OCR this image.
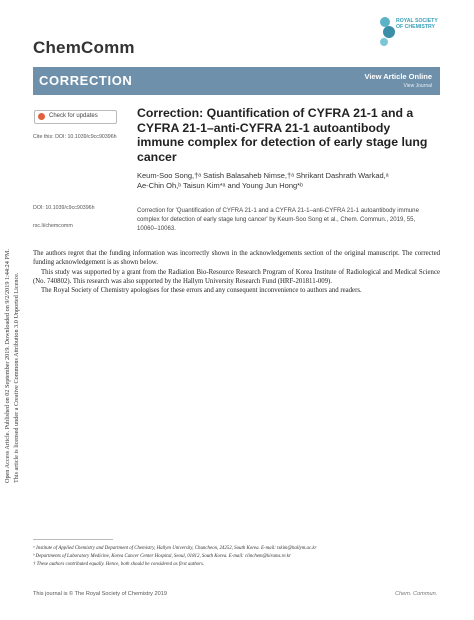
ChemComm
ROYAL SOCIETY
OF CHEMISTRY
CORRECTION	View Article Online
View Journal
Open Access Article. Published on 02 September 2019. Downloaded on 9/2/2019 1:44:24 PM. This article is licensed under a Creative Commons Attribution 3.0 Unported Licence.
Check for updates
Cite this: DOI: 10.1039/c9cc90396h
Correction: Quantification of CYFRA 21-1 and a CYFRA 21-1–anti-CYFRA 21-1 autoantibody immune complex for detection of early stage lung cancer
Keum-Soo Song,†ᵃ Satish Balasaheb Nimse,†ᵃ Shrikant Dashrath Warkad,ᵃ
Ae-Chin Oh,ᵇ Taisun Kim*ᵃ and Young Jun Hong*ᵇ
DOI: 10.1039/c9cc90396h
rsc.li/chemcomm
Correction for 'Quantification of CYFRA 21-1 and a CYFRA 21-1–anti-CYFRA 21-1 autoantibody immune complex for detection of early stage lung cancer' by Keum-Soo Song et al., Chem. Commun., 2019, 55, 10060–10063.

The authors regret that the funding information was incorrectly shown in the acknowledgements section of the original manuscript. The corrected funding acknowledgement is as shown below.

This study was supported by a grant from the Radiation Bio-Resource Research Program of Korea Institute of Radiological and Medical Science (No. 740802). This research was also supported by the Hallym University Research Fund (HRF-201811-009).

The Royal Society of Chemistry apologises for these errors and any consequent inconvenience to authors and readers.

ᵃ Institute of Applied Chemistry and Department of Chemistry, Hallym University, Chuncheon, 24252, South Korea. E-mail: tskim@hallym.ac.kr
ᵇ Departments of Laboratory Medicine, Korea Cancer Center Hospital, Seoul, 01812, South Korea. E-mail: clinchem@kirams.re.kr
† These authors contributed equally. Hence, both should be considered as first authors.
This journal is © The Royal Society of Chemistry 2019	Chem. Commun.
